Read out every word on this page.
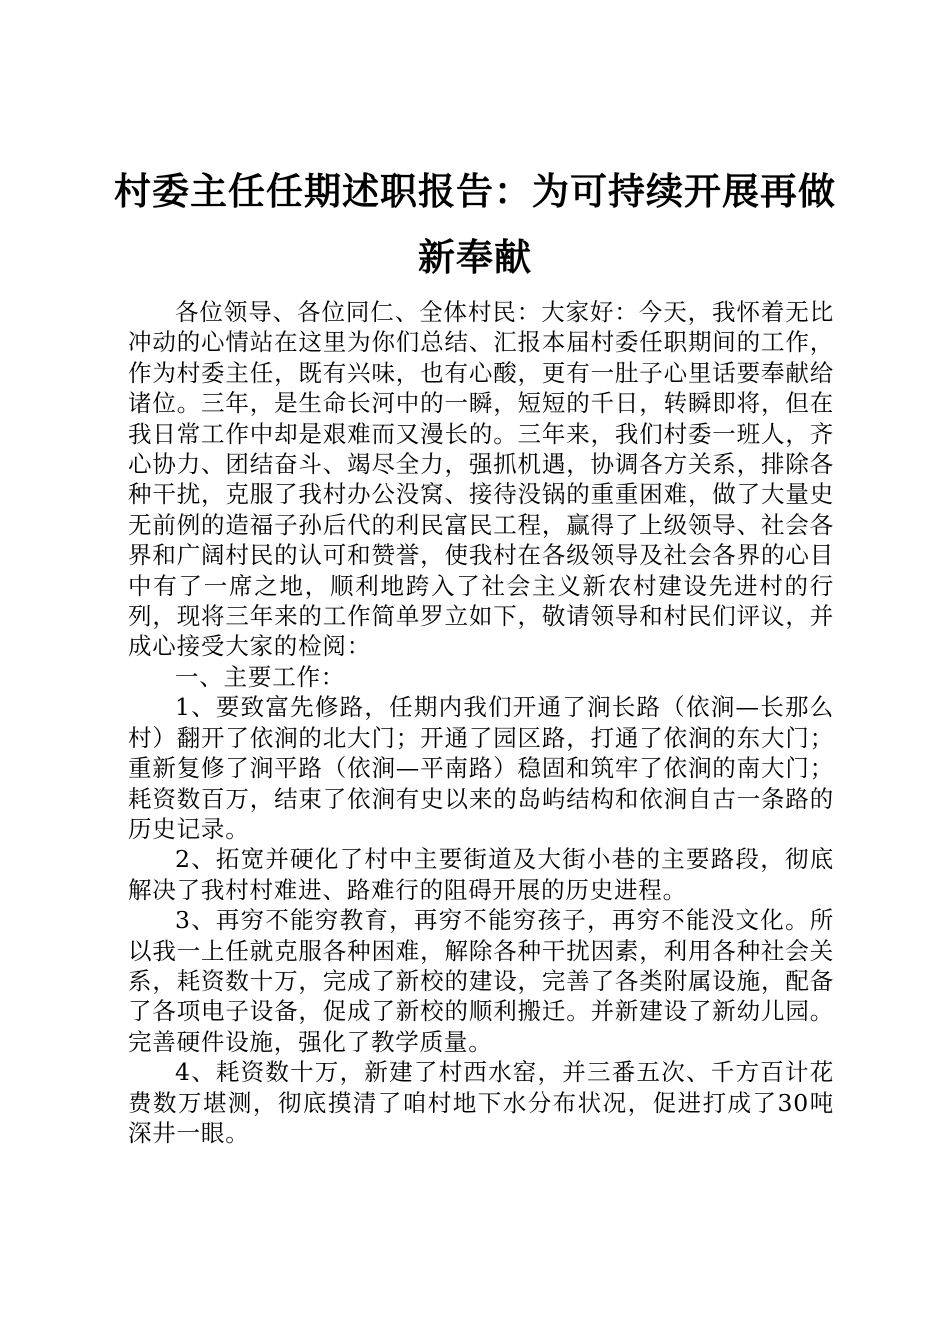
村委主任任期述职报告：为可持续开展再做新奉献

各位领导、各位同仁、全体村民：大家好：今天，我怀着无比冲动的心情站在这里为你们总结、汇报本届村委任职期间的工作，作为村委主任，既有兴味，也有心酸，更有一肚子心里话要奉献给诸位。三年，是生命长河中的一瞬，短短的千日，转瞬即将，但在我日常工作中却是艰难而又漫长的。三年来，我们村委一班人，齐心协力、团结奋斗、竭尽全力，强抓机遇，协调各方关系，排除各种干扰，克服了我村办公没窝、接待没锅的重重困难，做了大量史无前例的造福子孙后代的利民富民工程，赢得了上级领导、社会各界和广阔村民的认可和赞誉，使我村在各级领导及社会各界的心目中有了一席之地，顺利地跨入了社会主义新农村建设先进村的行列，现将三年来的工作简单罗立如下，敬请领导和村民们评议，并成心接受大家的检阅：

一、主要工作：

1、要致富先修路，任期内我们开通了涧长路（依涧—长那么村）翻开了依涧的北大门；开通了园区路，打通了依涧的东大门；重新复修了涧平路（依涧—平南路）稳固和筑牢了依涧的南大门；耗资数百万，结束了依涧有史以来的岛屿结构和依涧自古一条路的历史记录。

2、拓宽并硬化了村中主要街道及大街小巷的主要路段，彻底解决了我村村难进、路难行的阻碍开展的历史进程。

3、再穷不能穷教育，再穷不能穷孩子，再穷不能没文化。所以我一上任就克服各种困难，解除各种干扰因素，利用各种社会关系，耗资数十万，完成了新校的建设，完善了各类附属设施，配备了各项电子设备，促成了新校的顺利搬迁。并新建设了新幼儿园。完善硬件设施，强化了教学质量。

4、耗资数十万，新建了村西水窑，并三番五次、千方百计花费数万堪测，彻底摸清了咱村地下水分布状况，促进打成了30吨深井一眼。
